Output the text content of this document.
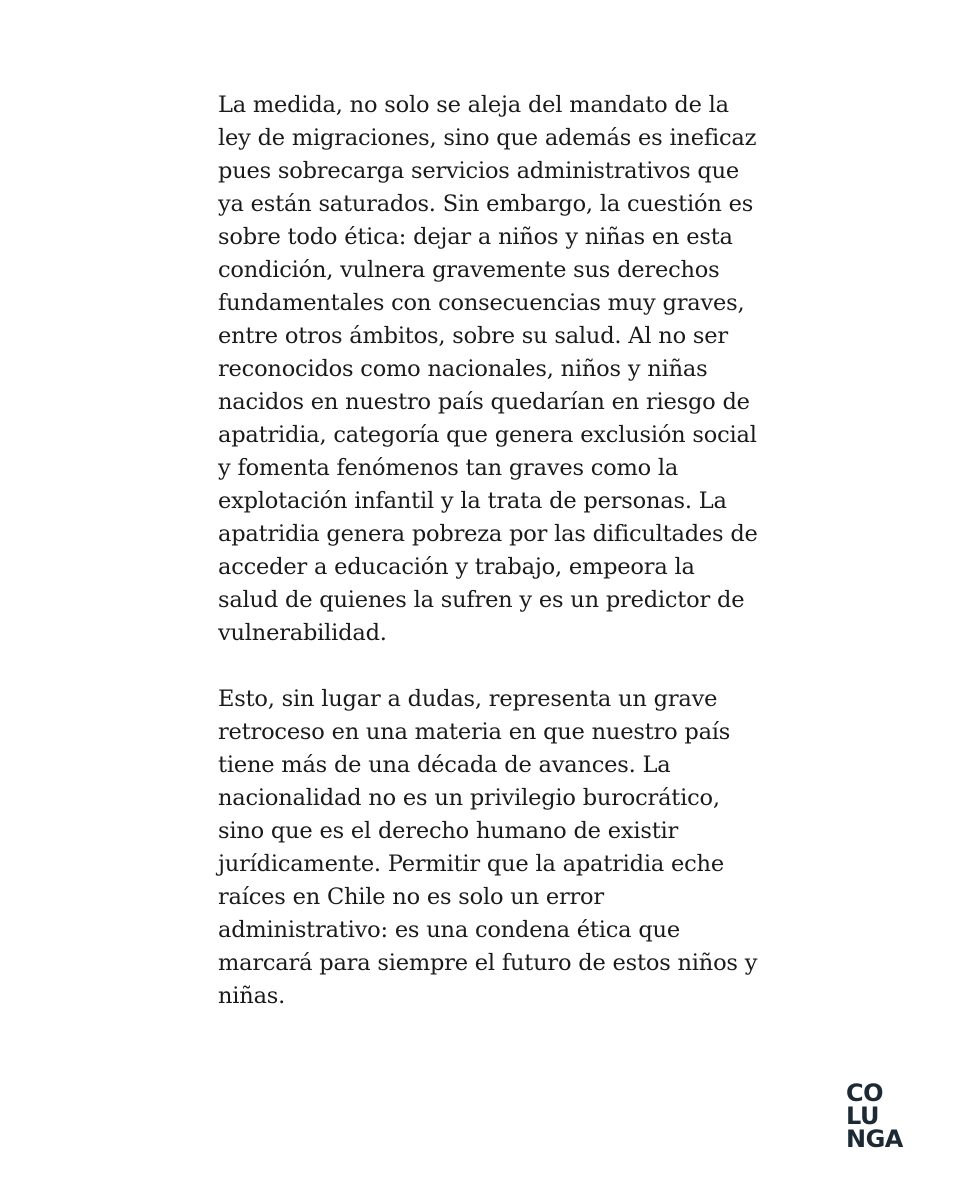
La medida, no solo se aleja del mandato de la ley de migraciones, sino que además es ineficaz pues sobrecarga servicios administrativos que ya están saturados. Sin embargo, la cuestión es sobre todo ética: dejar a niños y niñas en esta condición, vulnera gravemente sus derechos fundamentales con consecuencias muy graves, entre otros ámbitos, sobre su salud. Al no ser reconocidos como nacionales, niños y niñas nacidos en nuestro país quedarían en riesgo de apatridia, categoría que genera exclusión social y fomenta fenómenos tan graves como la explotación infantil y la trata de personas. La apatridia genera pobreza por las dificultades de acceder a educación y trabajo, empeora la salud de quienes la sufren y es un predictor de vulnerabilidad.

Esto, sin lugar a dudas, representa un grave retroceso en una materia en que nuestro país tiene más de una década de avances. La nacionalidad no es un privilegio burocrático, sino que es el derecho humano de existir jurídicamente. Permitir que la apatridia eche raíces en Chile no es solo un error administrativo: es una condena ética que marcará para siempre el futuro de estos niños y niñas.

CO
LU
NGA
